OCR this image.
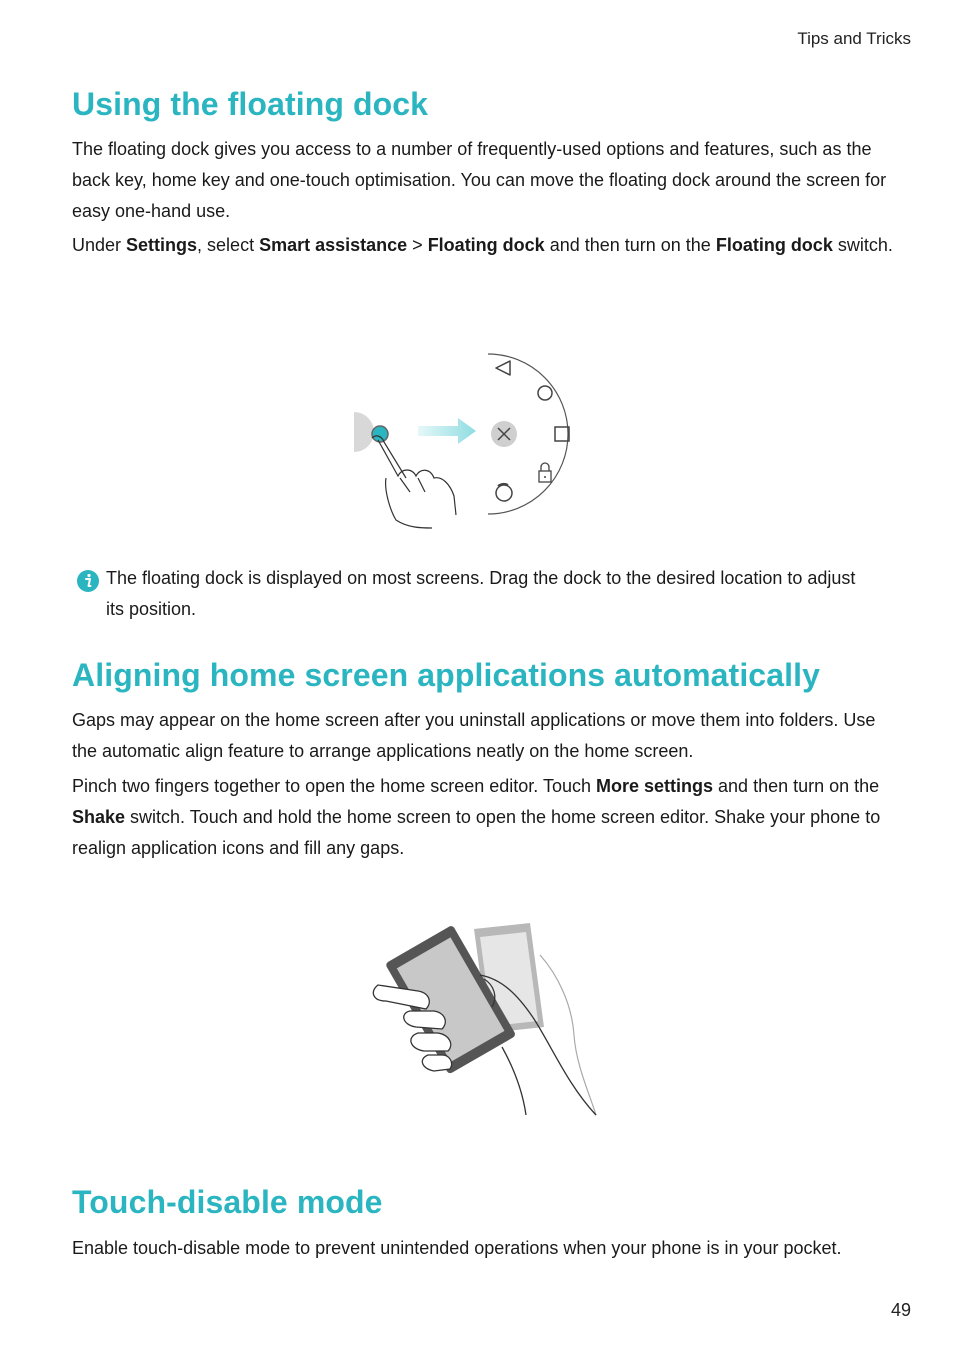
Tips and Tricks
Using the floating dock

The floating dock gives you access to a number of frequently-used options and features, such as the back key, home key and one-touch optimisation. You can move the floating dock around the screen for easy one-hand use.

Under Settings, select Smart assistance > Floating dock and then turn on the Floating dock switch.

The floating dock is displayed on most screens. Drag the dock to the desired location to adjust its position.

Aligning home screen applications automatically

Gaps may appear on the home screen after you uninstall applications or move them into folders. Use the automatic align feature to arrange applications neatly on the home screen.

Pinch two fingers together to open the home screen editor. Touch More settings and then turn on the Shake switch. Touch and hold the home screen to open the home screen editor. Shake your phone to realign application icons and fill any gaps.

Touch-disable mode

Enable touch-disable mode to prevent unintended operations when your phone is in your pocket.

49
